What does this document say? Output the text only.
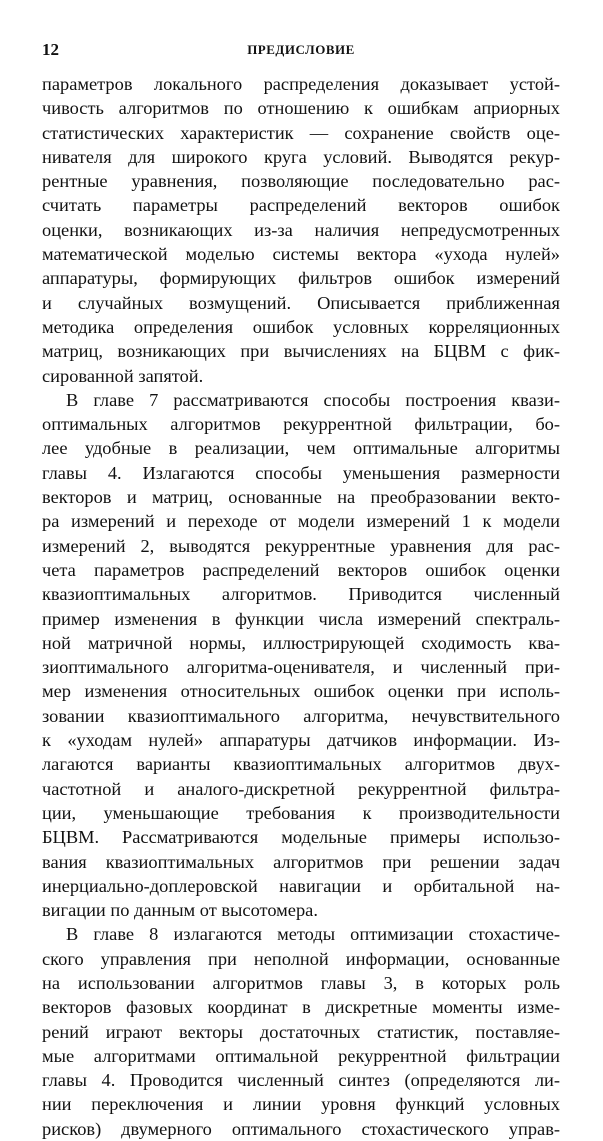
12	ПРЕДИСЛОВИЕ
параметров локального распределения доказывает устой-
чивость алгоритмов по отношению к ошибкам априорных
статистических характеристик — сохранение свойств оце-
нивателя для широкого круга условий. Выводятся рекур-
рентные уравнения, позволяющие последовательно рас-
считать параметры распределений векторов ошибок
оценки, возникающих из-за наличия непредусмотренных
математической моделью системы вектора «ухода нулей»
аппаратуры, формирующих фильтров ошибок измерений
и случайных возмущений. Описывается приближенная
методика определения ошибок условных корреляционных
матриц, возникающих при вычислениях на БЦВМ с фик-
сированной запятой.
В главе 7 рассматриваются способы построения квази-
оптимальных алгоритмов рекуррентной фильтрации, бо-
лее удобные в реализации, чем оптимальные алгоритмы
главы 4. Излагаются способы уменьшения размерности
векторов и матриц, основанные на преобразовании векто-
ра измерений и переходе от модели измерений 1 к модели
измерений 2, выводятся рекуррентные уравнения для рас-
чета параметров распределений векторов ошибок оценки
квазиоптимальных алгоритмов. Приводится численный
пример изменения в функции числа измерений спектраль-
ной матричной нормы, иллюстрирующей сходимость ква-
зиоптимального алгоритма-оценивателя, и численный при-
мер изменения относительных ошибок оценки при исполь-
зовании квазиоптимального алгоритма, нечувствительного
к «уходам нулей» аппаратуры датчиков информации. Из-
лагаются варианты квазиоптимальных алгоритмов двух-
частотной и аналого-дискретной рекуррентной фильтра-
ции, уменьшающие требования к производительности
БЦВМ. Рассматриваются модельные примеры использо-
вания квазиоптимальных алгоритмов при решении задач
инерциально-доплеровской навигации и орбитальной на-
вигации по данным от высотомера.
В главе 8 излагаются методы оптимизации стохастиче-
ского управления при неполной информации, основанные
на использовании алгоритмов главы 3, в которых роль
векторов фазовых координат в дискретные моменты изме-
рений играют векторы достаточных статистик, поставляе-
мые алгоритмами оптимальной рекуррентной фильтрации
главы 4. Проводится численный синтез (определяются ли-
нии переключения и линии уровня функций условных
рисков) двумерного оптимального стохастического управ-
